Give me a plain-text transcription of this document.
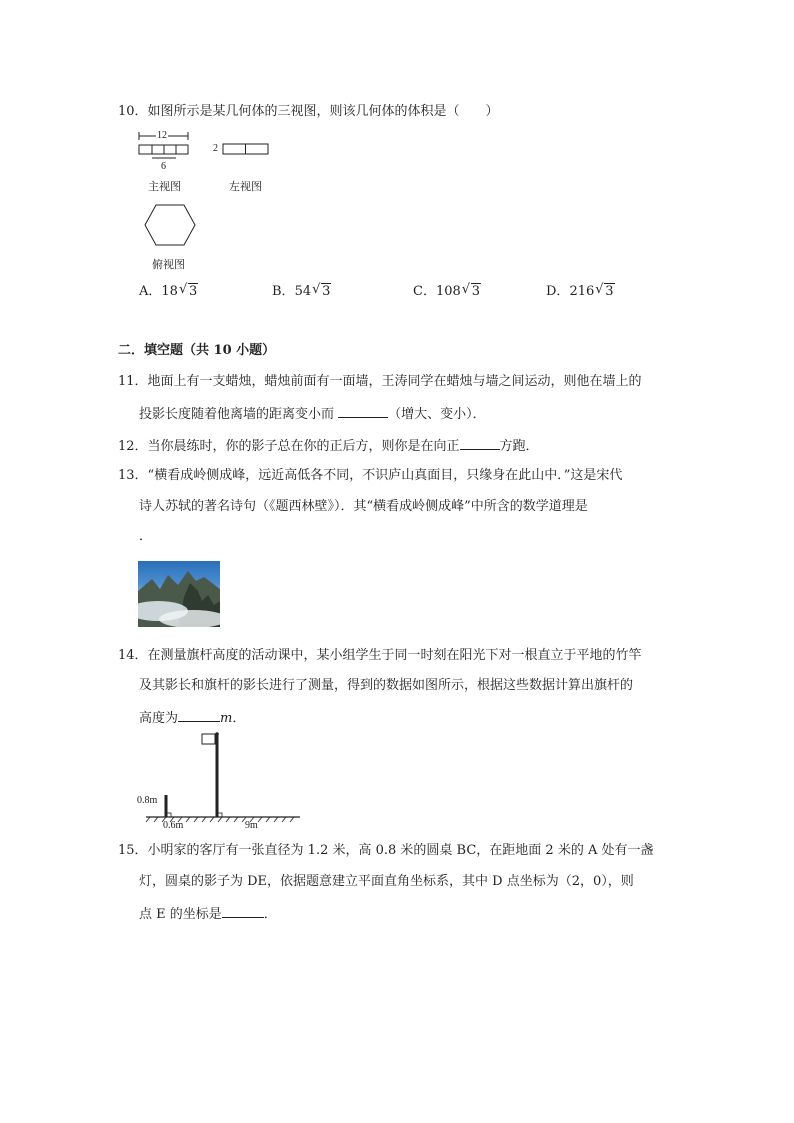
10．如图所示是某几何体的三视图，则该几何体的体积是（　　）
12
6
主视图
2
左视图
俯视图
A．18 √ 3	B．54 √ 3	C．108 √ 3	D．216 √ 3
二．填空题（共 10 小题）
11．地面上有一支蜡烛，蜡烛前面有一面墙，王涛同学在蜡烛与墙之间运动，则他在墙上的
投影长度随着他离墙的距离变小而	（增大、变小）．
12．当你晨练时，你的影子总在你的正后方，则你是在向正	方跑．
13．“横看成岭侧成峰，远近高低各不同，不识庐山真面目，只缘身在此山中．”这是宋代
诗人苏轼的著名诗句（《题西林壁》）．其“横看成岭侧成峰”中所含的数学道理是
．
14．在测量旗杆高度的活动课中，某小组学生于同一时刻在阳光下对一根直立于平地的竹竿
及其影长和旗杆的影长进行了测量，得到的数据如图所示，根据这些数据计算出旗杆的
高度为	m．
0.8m
0.6m	9m
15．小明家的客厅有一张直径为 1.2 米，高 0.8 米的圆桌 BC，在距地面 2 米的 A 处有一盏
灯，圆桌的影子为 DE，依据题意建立平面直角坐标系，其中 D 点坐标为（2，0），则
点 E 的坐标是	．
